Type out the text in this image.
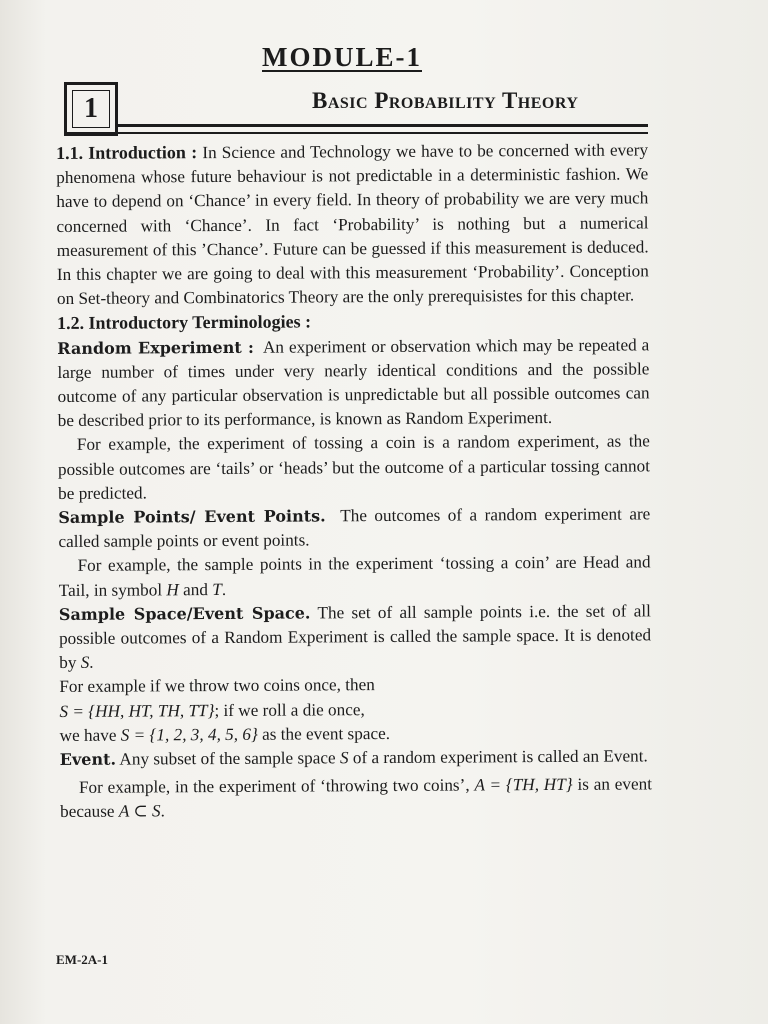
MODULE-1
1	Basic Probability Theory

1.1. Introduction : In Science and Technology we have to be concerned with every phenomena whose future behaviour is not predictable in a deterministic fashion. We have to depend on ‘Chance’ in every field. In theory of probability we are very much concerned with ‘Chance’. In fact ‘Probability’ is nothing but a numerical measurement of this ’Chance’. Future can be guessed if this measurement is deduced. In this chapter we are going to deal with this measurement ‘Probability’. Conception on Set-theory and Combinatorics Theory are the only prerequisistes for this chapter.

1.2. Introductory Terminologies :

Random Experiment : An experiment or observation which may be repeated a large number of times under very nearly identical conditions and the possible outcome of any particular observation is unpredictable but all possible outcomes can be described prior to its performance, is known as Random Experiment.

For example, the experiment of tossing a coin is a random experiment, as the possible outcomes are ‘tails’ or ‘heads’ but the outcome of a particular tossing cannot be predicted.

Sample Points/ Event Points. The outcomes of a random experiment are called sample points or event points.

For example, the sample points in the experiment ‘tossing a coin’ are Head and Tail, in symbol H and T.

Sample Space/Event Space. The set of all sample points i.e. the set of all possible outcomes of a Random Experiment is called the sample space. It is denoted by S.

For example if we throw two coins once, then

S = {HH, HT, TH, TT}; if we roll a die once,

we have S = {1, 2, 3, 4, 5, 6} as the event space.

Event. Any subset of the sample space S of a random experiment is called an Event.

For example, in the experiment of ‘throwing two coins’, A = {TH, HT} is an event because A ⊂ S.

EM-2A-1
